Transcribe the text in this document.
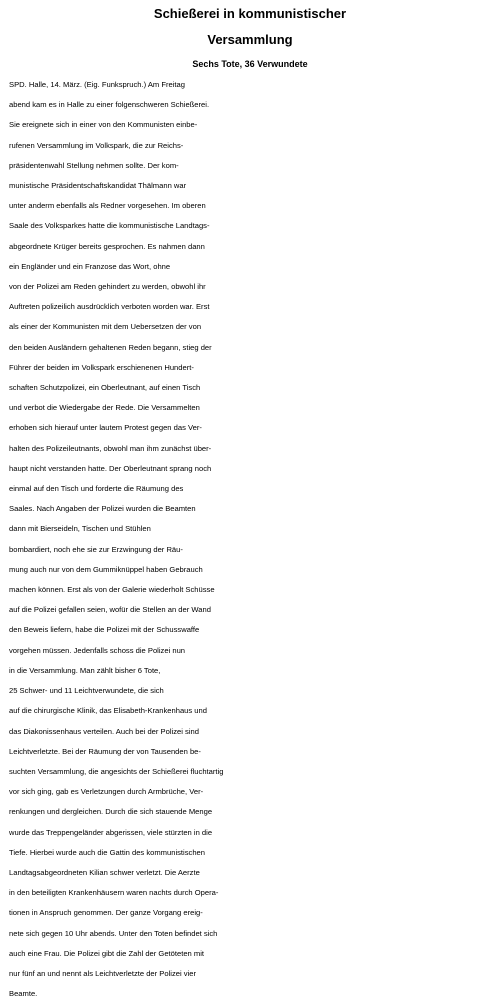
Schießerei in kommunistischer
Versammlung
Sechs Tote, 36 Verwundete
SPD. Halle, 14. März. (Eig. Funkspruch.) Am Freitag
abend kam es in Halle zu einer folgenschweren Schießerei.
Sie ereignete sich in einer von den Kommunisten einbe-
rufenen Versammlung im Volkspark, die zur Reichs-
präsidentenwahl Stellung nehmen sollte. Der kom-
munistische Präsidentschaftskandidat Thälmann war
unter anderm ebenfalls als Redner vorgesehen. Im oberen
Saale des Volksparkes hatte die kommunistische Landtags-
abgeordnete Krüger bereits gesprochen. Es nahmen dann
ein Engländer und ein Franzose das Wort, ohne
von der Polizei am Reden gehindert zu werden, obwohl ihr
Auftreten polizeilich ausdrücklich verboten worden war. Erst
als einer der Kommunisten mit dem Uebersetzen der von
den beiden Ausländern gehaltenen Reden begann, stieg der
Führer der beiden im Volkspark erschienenen Hundert-
schaften Schutzpolizei, ein Oberleutnant, auf einen Tisch
und verbot die Wiedergabe der Rede. Die Versammelten
erhoben sich hierauf unter lautem Protest gegen das Ver-
halten des Polizeileutnants, obwohl man ihm zunächst über-
haupt nicht verstanden hatte. Der Oberleutnant sprang noch
einmal auf den Tisch und forderte die Räumung des
Saales. Nach Angaben der Polizei wurden die Beamten
dann mit Bierseideln, Tischen und Stühlen
bombardiert, noch ehe sie zur Erzwingung der Räu-
mung auch nur von dem Gummiknüppel haben Gebrauch
machen können. Erst als von der Galerie wiederholt Schüsse
auf die Polizei gefallen seien, wofür die Stellen an der Wand
den Beweis liefern, habe die Polizei mit der Schusswaffe
vorgehen müssen. Jedenfalls schoss die Polizei nun
in die Versammlung. Man zählt bisher 6 Tote,
25 Schwer- und 11 Leichtverwundete, die sich
auf die chirurgische Klinik, das Elisabeth-Krankenhaus und
das Diakonissenhaus verteilen. Auch bei der Polizei sind
Leichtverletzte. Bei der Räumung der von Tausenden be-
suchten Versammlung, die angesichts der Schießerei fluchtartig
vor sich ging, gab es Verletzungen durch Armbrüche, Ver-
renkungen und dergleichen. Durch die sich stauende Menge
wurde das Treppengeländer abgerissen, viele stürzten in die
Tiefe. Hierbei wurde auch die Gattin des kommunistischen
Landtagsabgeordneten Kilian schwer verletzt. Die Aerzte
in den beteiligten Krankenhäusern waren nachts durch Opera-
tionen in Anspruch genommen. Der ganze Vorgang ereig-
nete sich gegen 10 Uhr abends. Unter den Toten befindet sich
auch eine Frau. Die Polizei gibt die Zahl der Getöteten mit
nur fünf an und nennt als Leichtverletzte der Polizei vier
Beamte.
